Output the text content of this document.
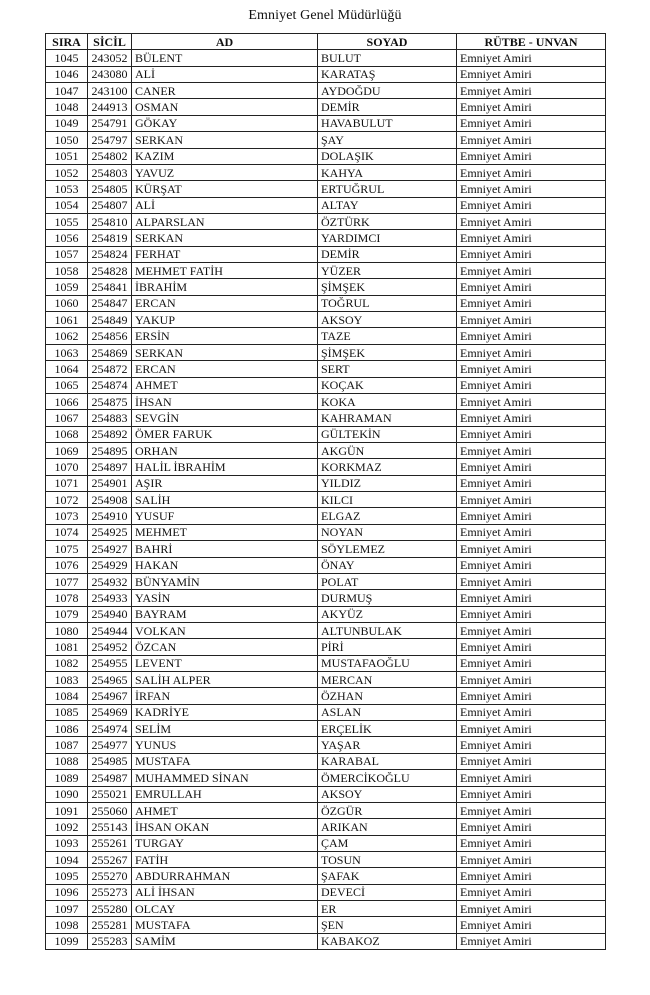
Emniyet Genel Müdürlüğü
SIRA	SİCİL	AD	SOYAD	RÜTBE - UNVAN
1045	243052	BÜLENT	BULUT	Emniyet Amiri
1046	243080	ALİ	KARATAŞ	Emniyet Amiri
1047	243100	CANER	AYDOĞDU	Emniyet Amiri
1048	244913	OSMAN	DEMİR	Emniyet Amiri
1049	254791	GÖKAY	HAVABULUT	Emniyet Amiri
1050	254797	SERKAN	ŞAY	Emniyet Amiri
1051	254802	KAZIM	DOLAŞIK	Emniyet Amiri
1052	254803	YAVUZ	KAHYA	Emniyet Amiri
1053	254805	KÜRŞAT	ERTUĞRUL	Emniyet Amiri
1054	254807	ALİ	ALTAY	Emniyet Amiri
1055	254810	ALPARSLAN	ÖZTÜRK	Emniyet Amiri
1056	254819	SERKAN	YARDIMCI	Emniyet Amiri
1057	254824	FERHAT	DEMİR	Emniyet Amiri
1058	254828	MEHMET FATİH	YÜZER	Emniyet Amiri
1059	254841	İBRAHİM	ŞİMŞEK	Emniyet Amiri
1060	254847	ERCAN	TOĞRUL	Emniyet Amiri
1061	254849	YAKUP	AKSOY	Emniyet Amiri
1062	254856	ERSİN	TAZE	Emniyet Amiri
1063	254869	SERKAN	ŞİMŞEK	Emniyet Amiri
1064	254872	ERCAN	SERT	Emniyet Amiri
1065	254874	AHMET	KOÇAK	Emniyet Amiri
1066	254875	İHSAN	KOKA	Emniyet Amiri
1067	254883	SEVGİN	KAHRAMAN	Emniyet Amiri
1068	254892	ÖMER FARUK	GÜLTEKİN	Emniyet Amiri
1069	254895	ORHAN	AKGÜN	Emniyet Amiri
1070	254897	HALİL İBRAHİM	KORKMAZ	Emniyet Amiri
1071	254901	AŞIR	YILDIZ	Emniyet Amiri
1072	254908	SALİH	KILCI	Emniyet Amiri
1073	254910	YUSUF	ELGAZ	Emniyet Amiri
1074	254925	MEHMET	NOYAN	Emniyet Amiri
1075	254927	BAHRİ	SÖYLEMEZ	Emniyet Amiri
1076	254929	HAKAN	ÖNAY	Emniyet Amiri
1077	254932	BÜNYAMİN	POLAT	Emniyet Amiri
1078	254933	YASİN	DURMUŞ	Emniyet Amiri
1079	254940	BAYRAM	AKYÜZ	Emniyet Amiri
1080	254944	VOLKAN	ALTUNBULAK	Emniyet Amiri
1081	254952	ÖZCAN	PİRİ	Emniyet Amiri
1082	254955	LEVENT	MUSTAFAOĞLU	Emniyet Amiri
1083	254965	SALİH ALPER	MERCAN	Emniyet Amiri
1084	254967	İRFAN	ÖZHAN	Emniyet Amiri
1085	254969	KADRİYE	ASLAN	Emniyet Amiri
1086	254974	SELİM	ERÇELİK	Emniyet Amiri
1087	254977	YUNUS	YAŞAR	Emniyet Amiri
1088	254985	MUSTAFA	KARABAL	Emniyet Amiri
1089	254987	MUHAMMED SİNAN	ÖMERCİKOĞLU	Emniyet Amiri
1090	255021	EMRULLAH	AKSOY	Emniyet Amiri
1091	255060	AHMET	ÖZGÜR	Emniyet Amiri
1092	255143	İHSAN OKAN	ARIKAN	Emniyet Amiri
1093	255261	TURGAY	ÇAM	Emniyet Amiri
1094	255267	FATİH	TOSUN	Emniyet Amiri
1095	255270	ABDURRAHMAN	ŞAFAK	Emniyet Amiri
1096	255273	ALİ İHSAN	DEVECİ	Emniyet Amiri
1097	255280	OLCAY	ER	Emniyet Amiri
1098	255281	MUSTAFA	ŞEN	Emniyet Amiri
1099	255283	SAMİM	KABAKOZ	Emniyet Amiri
